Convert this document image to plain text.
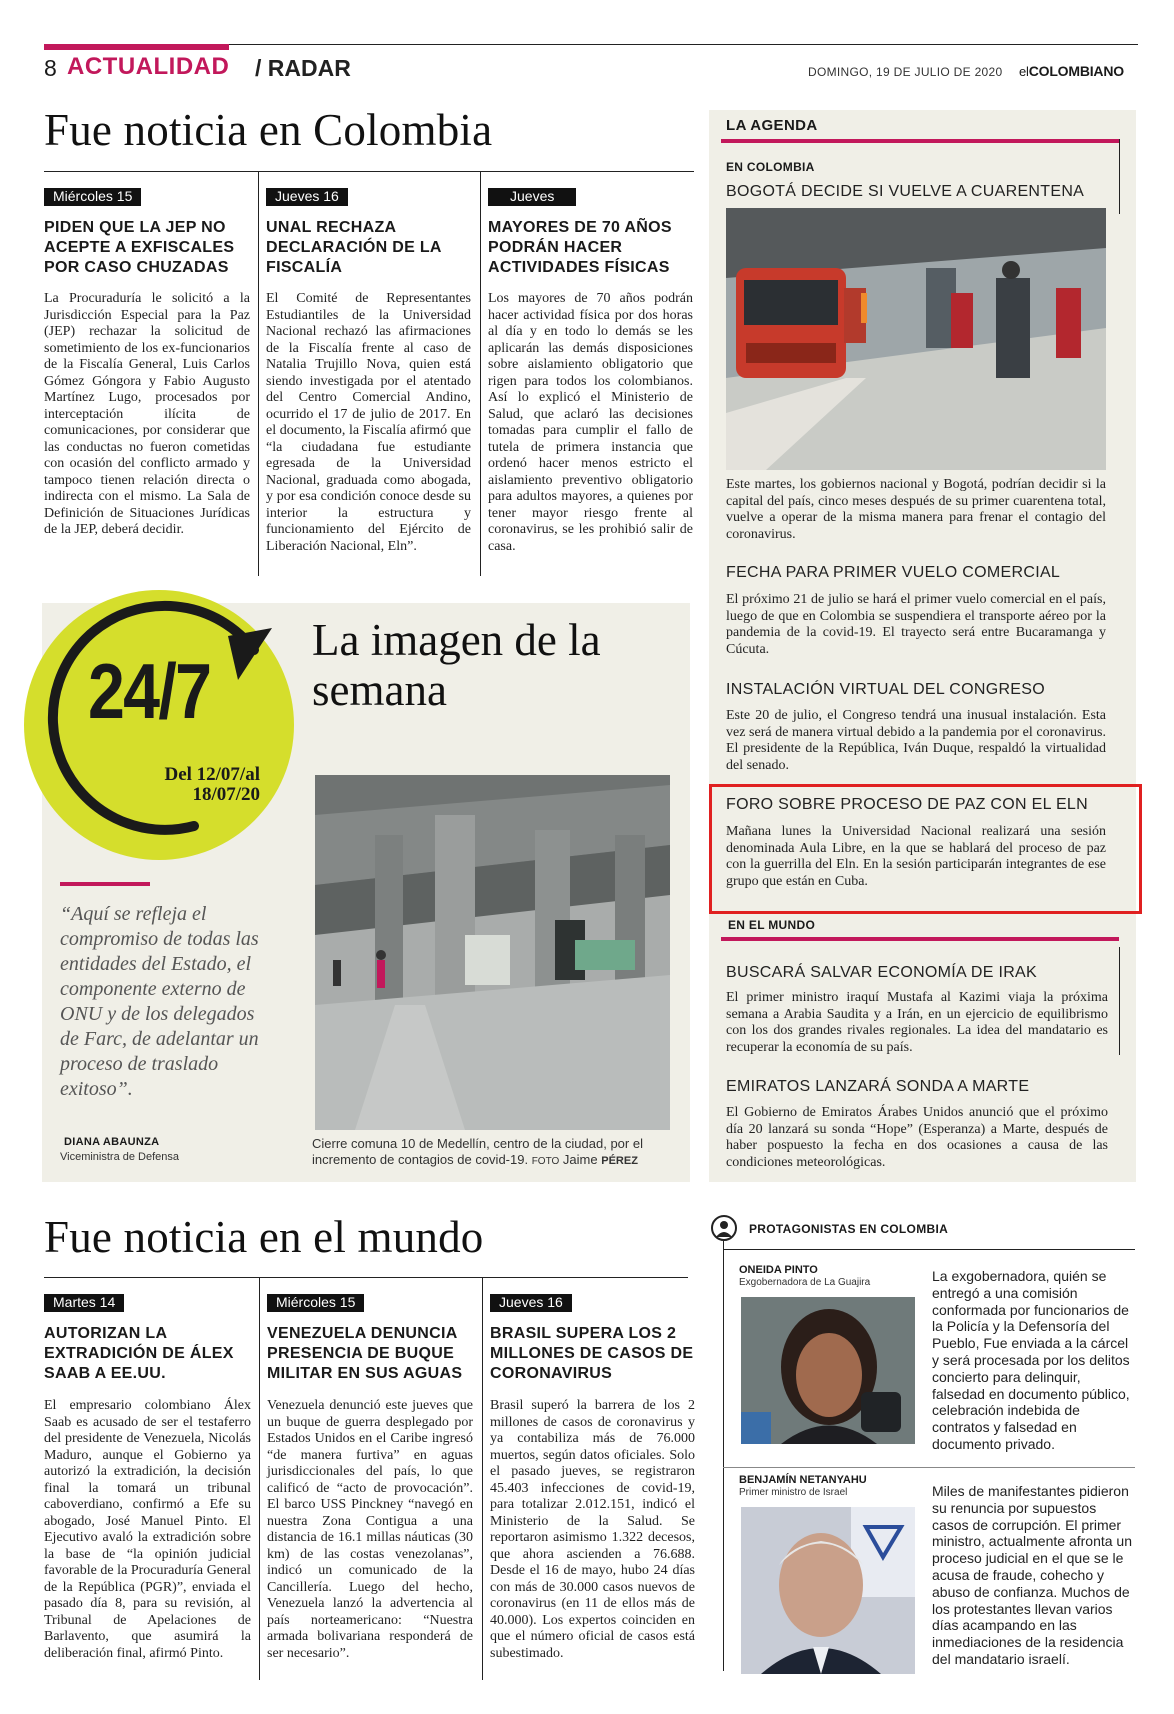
8 ACTUALIDAD / RADAR	DOMINGO, 19 DE JULIO DE 2020 elCOLOMBIANO
Fue noticia en Colombia
Miércoles 15
PIDEN QUE LA JEP NO ACEPTE A EXFISCALES POR CASO CHUZADAS
La Procuraduría le solicitó a la Jurisdicción Especial para la Paz (JEP) rechazar la solicitud de sometimiento de los ex-funcionarios de la Fiscalía General, Luis Carlos Gómez Góngora y Fabio Augusto Martínez Lugo, procesados por interceptación ilícita de comunicaciones, por considerar que las conductas no fueron cometidas con ocasión del conflicto armado y tampoco tienen relación directa o indirecta con el mismo. La Sala de Definición de Situaciones Jurídicas de la JEP, deberá decidir.
Jueves 16
UNAL RECHAZA DECLARACIÓN DE LA FISCALÍA
El Comité de Representantes Estudiantiles de la Universidad Nacional rechazó las afirmaciones de la Fiscalía frente al caso de Natalia Trujillo Nova, quien está siendo investigada por el atentado del Centro Comercial Andino, ocurrido el 17 de julio de 2017. En el documento, la Fiscalía afirmó que “la ciudadana fue estudiante egresada de la Universidad Nacional, graduada como abogada, y por esa condición conoce desde su interior la estructura y funcionamiento del Ejército de Liberación Nacional, Eln”.
Jueves
MAYORES DE 70 AÑOS PODRÁN HACER ACTIVIDADES FÍSICAS
Los mayores de 70 años podrán hacer actividad física por dos horas al día y en todo lo demás se les aplicarán las demás disposiciones sobre aislamiento obligatorio que rigen para todos los colombianos. Así lo explicó el Ministerio de Salud, que aclaró las decisiones tomadas para cumplir el fallo de tutela de primera instancia que ordenó hacer menos estricto el aislamiento preventivo obligatorio para adultos mayores, a quienes por tener mayor riesgo frente al coronavirus, se les prohibió salir de casa.
24/7
Del 12/07/al 18/07/20
La imagen de la semana
“Aquí se refleja el compromiso de todas las entidades del Estado, el componente externo de ONU y de los delegados de Farc, de adelantar un proceso de traslado exitoso”.
DIANA ABAUNZA
Viceministra de Defensa
Cierre comuna 10 de Medellín, centro de la ciudad, por el incremento de contagios de covid-19. FOTO Jaime PÉREZ
LA AGENDA
EN COLOMBIA
BOGOTÁ DECIDE SI VUELVE A CUARENTENA
Este martes, los gobiernos nacional y Bogotá, podrían decidir si la capital del país, cinco meses después de su primer cuarentena total, vuelve a operar de la misma manera para frenar el contagio del coronavirus.
FECHA PARA PRIMER VUELO COMERCIAL
El próximo 21 de julio se hará el primer vuelo comercial en el país, luego de que en Colombia se suspendiera el transporte aéreo por la pandemia de la covid-19. El trayecto será entre Bucaramanga y Cúcuta.
INSTALACIÓN VIRTUAL DEL CONGRESO
Este 20 de julio, el Congreso tendrá una inusual instalación. Esta vez será de manera virtual debido a la pandemia por el coronavirus. El presidente de la República, Iván Duque, respaldó la virtualidad del senado.
FORO SOBRE PROCESO DE PAZ CON EL ELN
Mañana lunes la Universidad Nacional realizará una sesión denominada Aula Libre, en la que se hablará del proceso de paz con la guerrilla del Eln. En la sesión participarán integrantes de ese grupo que están en Cuba.
EN EL MUNDO
BUSCARÁ SALVAR ECONOMÍA DE IRAK
El primer ministro iraquí Mustafa al Kazimi viaja la próxima semana a Arabia Saudita y a Irán, en un ejercicio de equilibrismo con los dos grandes rivales regionales. La idea del mandatario es recuperar la economía de su país.
EMIRATOS LANZARÁ SONDA A MARTE
El Gobierno de Emiratos Árabes Unidos anunció que el próximo día 20 lanzará su sonda “Hope” (Esperanza) a Marte, después de haber pospuesto la fecha en dos ocasiones a causa de las condiciones meteorológicas.
Fue noticia en el mundo
Martes 14
AUTORIZAN LA EXTRADICIÓN DE ÁLEX SAAB A EE.UU.
El empresario colombiano Álex Saab es acusado de ser el testaferro del presidente de Venezuela, Nicolás Maduro, aunque el Gobierno ya autorizó la extradición, la decisión final la tomará un tribunal caboverdiano, confirmó a Efe su abogado, José Manuel Pinto. El Ejecutivo avaló la extradición sobre la base de “la opinión judicial favorable de la Procuraduría General de la República (PGR)”, enviada el pasado día 8, para su revisión, al Tribunal de Apelaciones de Barlavento, que asumirá la deliberación final, afirmó Pinto.
Miércoles 15
VENEZUELA DENUNCIA PRESENCIA DE BUQUE MILITAR EN SUS AGUAS
Venezuela denunció este jueves que un buque de guerra desplegado por Estados Unidos en el Caribe ingresó “de manera furtiva” en aguas jurisdiccionales del país, lo que calificó de “acto de provocación”. El barco USS Pinckney “navegó en nuestra Zona Contigua a una distancia de 16.1 millas náuticas (30 km) de las costas venezolanas”, indicó un comunicado de la Cancillería. Luego del hecho, Venezuela lanzó la advertencia al país norteamericano: “Nuestra armada bolivariana responderá de ser necesario”.
Jueves 16
BRASIL SUPERA LOS 2 MILLONES DE CASOS DE CORONAVIRUS
Brasil superó la barrera de los 2 millones de casos de coronavirus y ya contabiliza más de 76.000 muertos, según datos oficiales. Solo el pasado jueves, se registraron 45.403 infecciones de covid-19, para totalizar 2.012.151, indicó el Ministerio de la Salud. Se reportaron asimismo 1.322 decesos, que ahora ascienden a 76.688. Desde el 16 de mayo, hubo 24 días con más de 30.000 casos nuevos de coronavirus (en 11 de ellos más de 40.000). Los expertos coinciden en que el número oficial de casos está subestimado.
PROTAGONISTAS EN COLOMBIA
ONEIDA PINTO
Exgobernadora de La Guajira	La exgobernadora, quién se entregó a una comisión conformada por funcionarios de la Policía y la Defensoría del Pueblo, Fue enviada a la cárcel y será procesada por los delitos concierto para delinquir, falsedad en documento público, celebración indebida de contratos y falsedad en documento privado.
BENJAMÍN NETANYAHU
Primer ministro de Israel	Miles de manifestantes pidieron su renuncia por supuestos casos de corrupción. El primer ministro, actualmente afronta un proceso judicial en el que se le acusa de fraude, cohecho y abuso de confianza. Muchos de los protestantes llevan varios días acampando en las inmediaciones de la residencia del mandatario israelí.
